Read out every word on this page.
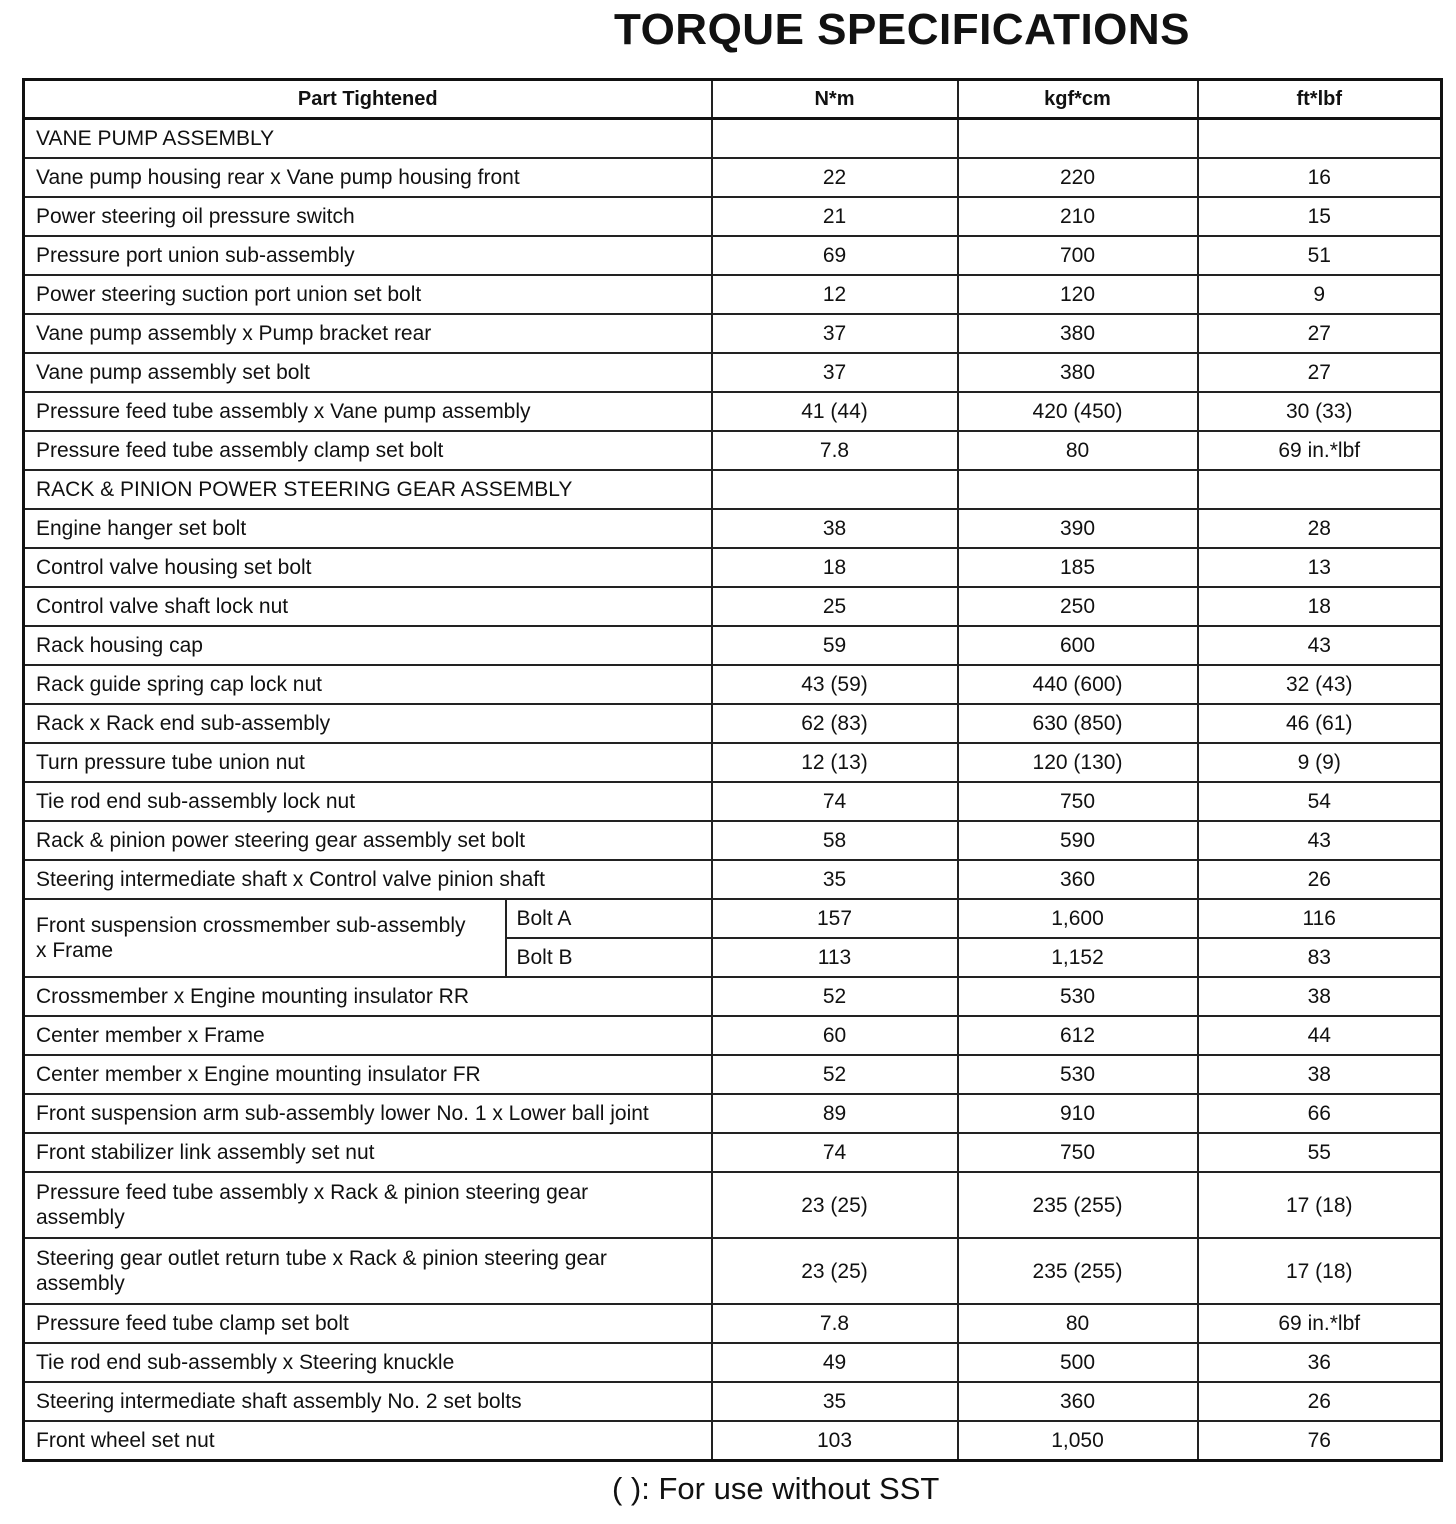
TORQUE SPECIFICATIONS
Part Tightened		N*m	kgf*cm	ft*lbf
VANE PUMP ASSEMBLY				
Vane pump housing rear x Vane pump housing front		22	220	16
Power steering oil pressure switch		21	210	15
Pressure port union sub-assembly		69	700	51
Power steering suction port union set bolt		12	120	9
Vane pump assembly x Pump bracket rear		37	380	27
Vane pump assembly set bolt		37	380	27
Pressure feed tube assembly x Vane pump assembly		41 (44)	420 (450)	30 (33)
Pressure feed tube assembly clamp set bolt		7.8	80	69 in.*lbf
RACK & PINION POWER STEERING GEAR ASSEMBLY				
Engine hanger set bolt		38	390	28
Control valve housing set bolt		18	185	13
Control valve shaft lock nut		25	250	18
Rack housing cap		59	600	43
Rack guide spring cap lock nut		43 (59)	440 (600)	32 (43)
Rack x Rack end sub-assembly		62 (83)	630 (850)	46 (61)
Turn pressure tube union nut		12 (13)	120 (130)	9 (9)
Tie rod end sub-assembly lock nut		74	750	54
Rack & pinion power steering gear assembly set bolt		58	590	43
Steering intermediate shaft x Control valve pinion shaft		35	360	26

Front suspension crossmember sub-assembly
x Frame	Bolt A	157	1,600	116
	Bolt B	113	1,152	83
Crossmember x Engine mounting insulator RR		52	530	38
Center member x Frame		60	612	44
Center member x Engine mounting insulator FR		52	530	38
Front suspension arm sub-assembly lower No. 1 x Lower ball joint		89	910	66
Front stabilizer link assembly set nut		74	750	55

Pressure feed tube assembly x Rack & pinion steering gear
assembly		23 (25)	235 (255)	17 (18)

Steering gear outlet return tube x Rack & pinion steering gear
assembly		23 (25)	235 (255)	17 (18)
Pressure feed tube clamp set bolt		7.8	80	69 in.*lbf
Tie rod end sub-assembly x Steering knuckle		49	500	36
Steering intermediate shaft assembly No. 2 set bolts		35	360	26
Front wheel set nut		103	1,050	76
( ): For use without SST
